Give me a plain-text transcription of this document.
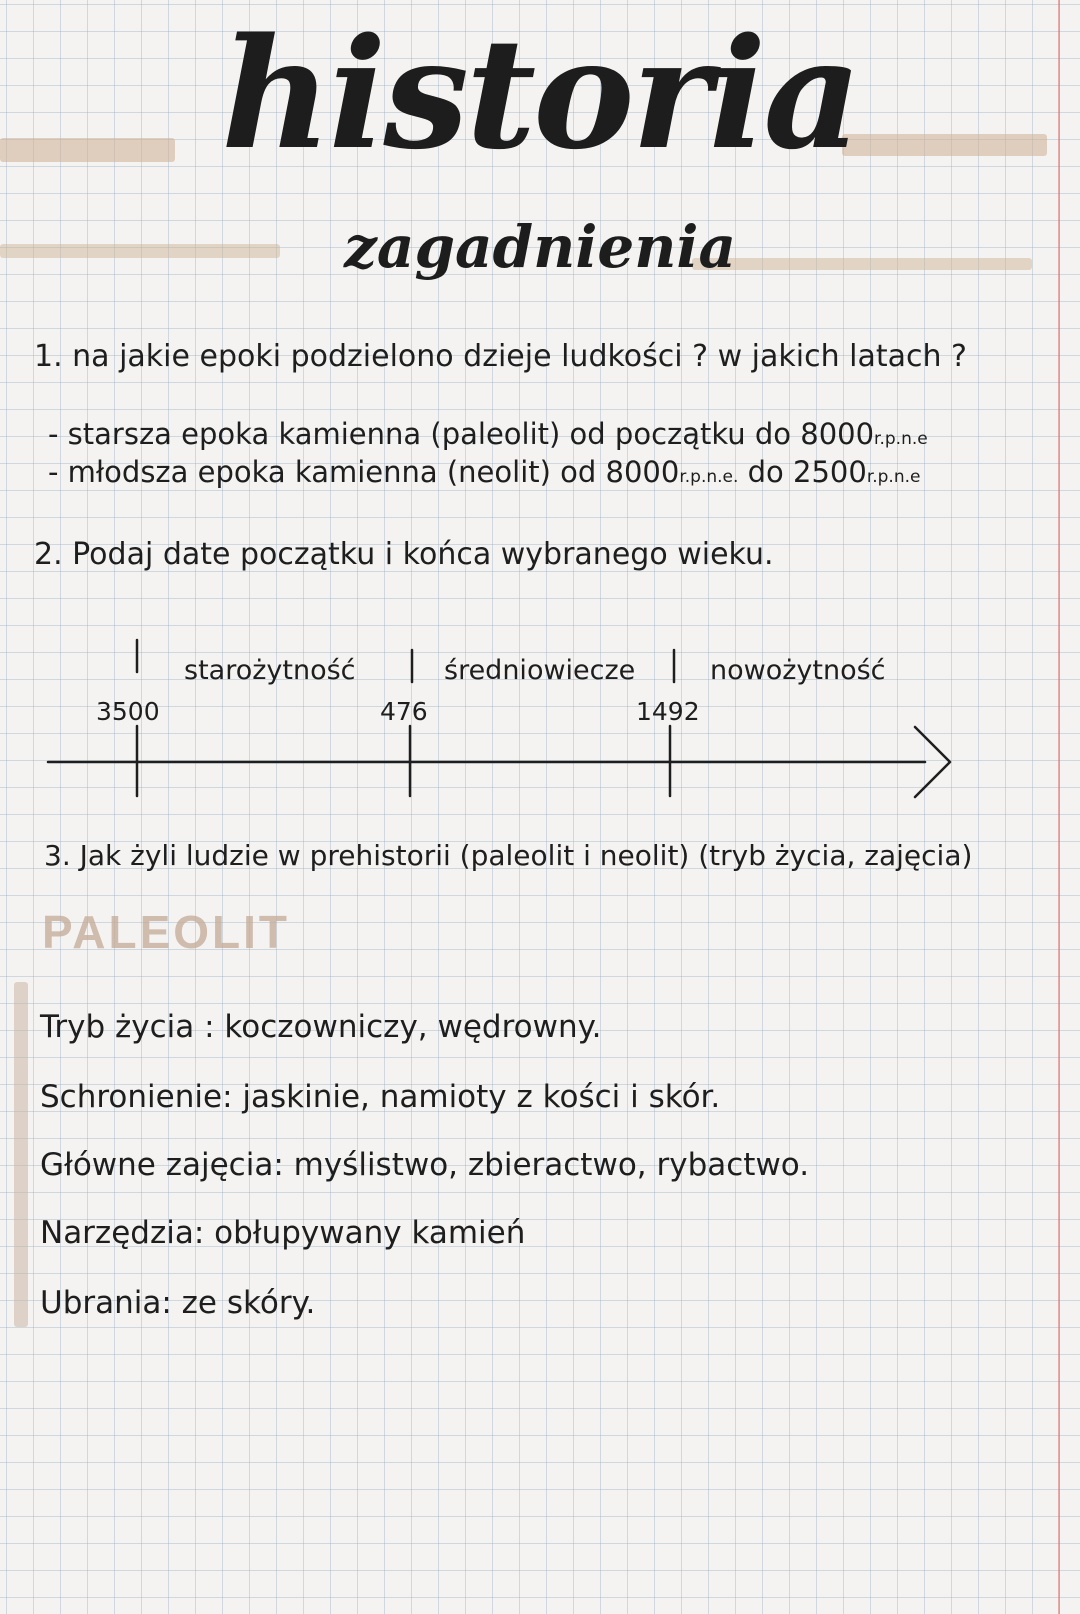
historia
zagadnienia
1. na jakie epoki podzielono dzieje ludkości ? w jakich latach ?
- starsza epoka kamienna (paleolit) od początku do 8000r.p.n.e
- młodsza epoka kamienna (neolit) od 8000r.p.n.e. do 2500r.p.n.e
2. Podaj date początku i końca wybranego wieku.
starożytność	średniowiecze	nowożytność
3500	476	1492
3. Jak żyli ludzie w prehistorii (paleolit i neolit) (tryb życia, zajęcia)
PALEOLIT
Tryb życia : koczowniczy, wędrowny.
Schronienie: jaskinie, namioty z kości i skór.
Główne zajęcia: myślistwo, zbieractwo, rybactwo.
Narzędzia: obłupywany kamień
Ubrania: ze skóry.
